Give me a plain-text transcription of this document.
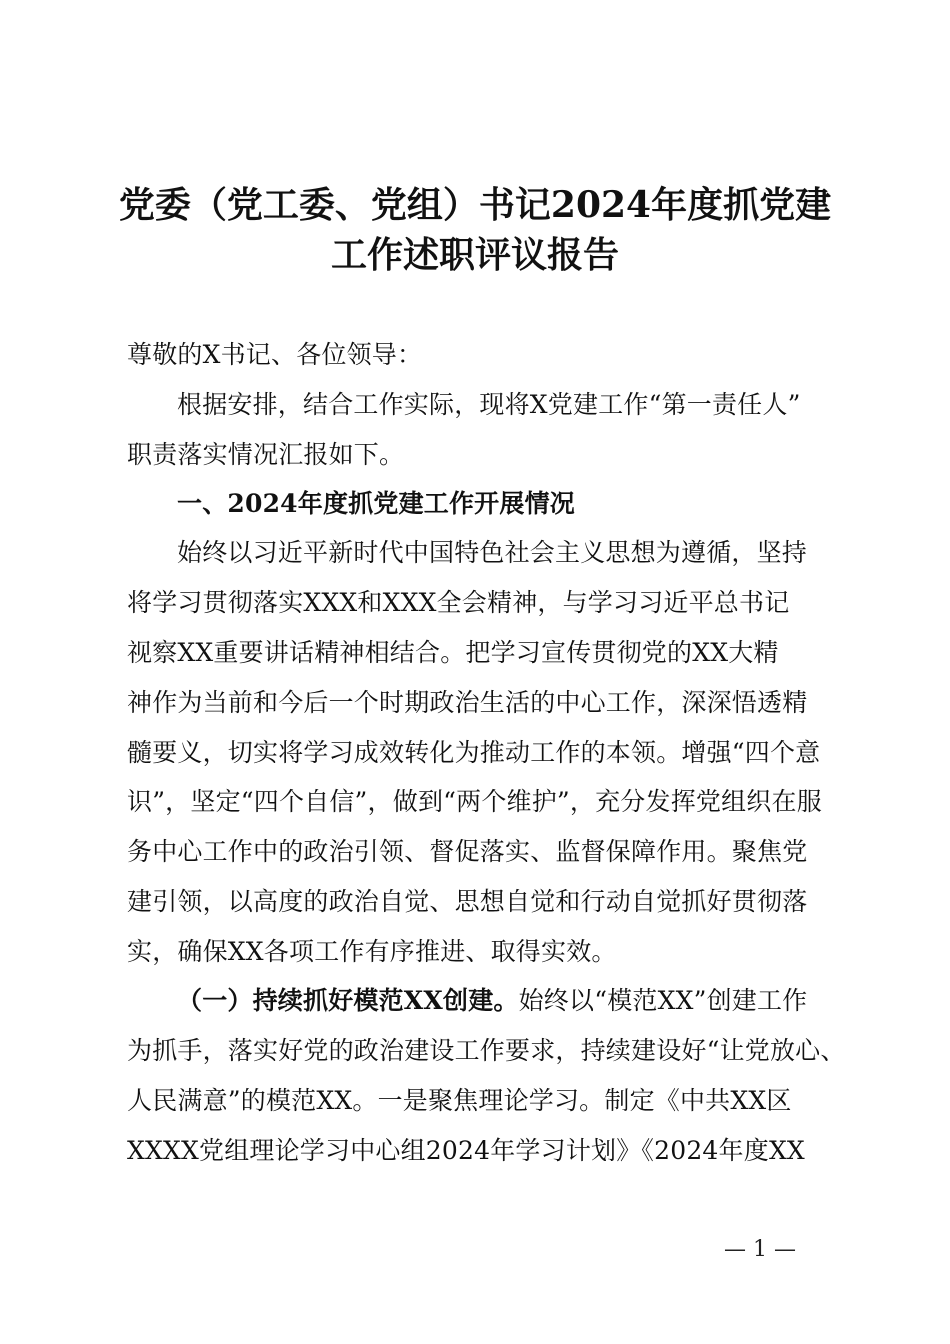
党委（党工委、党组）书记2024年度抓党建
工作述职评议报告
尊敬的X书记、各位领导：
根据安排，结合工作实际，现将X党建工作“第一责任人”
职责落实情况汇报如下。
一、2024年度抓党建工作开展情况
始终以习近平新时代中国特色社会主义思想为遵循，坚持
将学习贯彻落实XXX和XXX全会精神，与学习习近平总书记
视察XX重要讲话精神相结合。把学习宣传贯彻党的XX大精
神作为当前和今后一个时期政治生活的中心工作，深深悟透精
髓要义，切实将学习成效转化为推动工作的本领。增强“四个意
识”，坚定“四个自信”，做到“两个维护”，充分发挥党组织在服
务中心工作中的政治引领、督促落实、监督保障作用。聚焦党
建引领，以高度的政治自觉、思想自觉和行动自觉抓好贯彻落
实，确保XX各项工作有序推进、取得实效。
（一）持续抓好模范XX创建。始终以“模范XX”创建工作
为抓手，落实好党的政治建设工作要求，持续建设好“让党放心、
人民满意”的模范XX。一是聚焦理论学习。制定《中共XX区
XXXX党组理论学习中心组2024年学习计划》《2024年度XX
— 1 —
